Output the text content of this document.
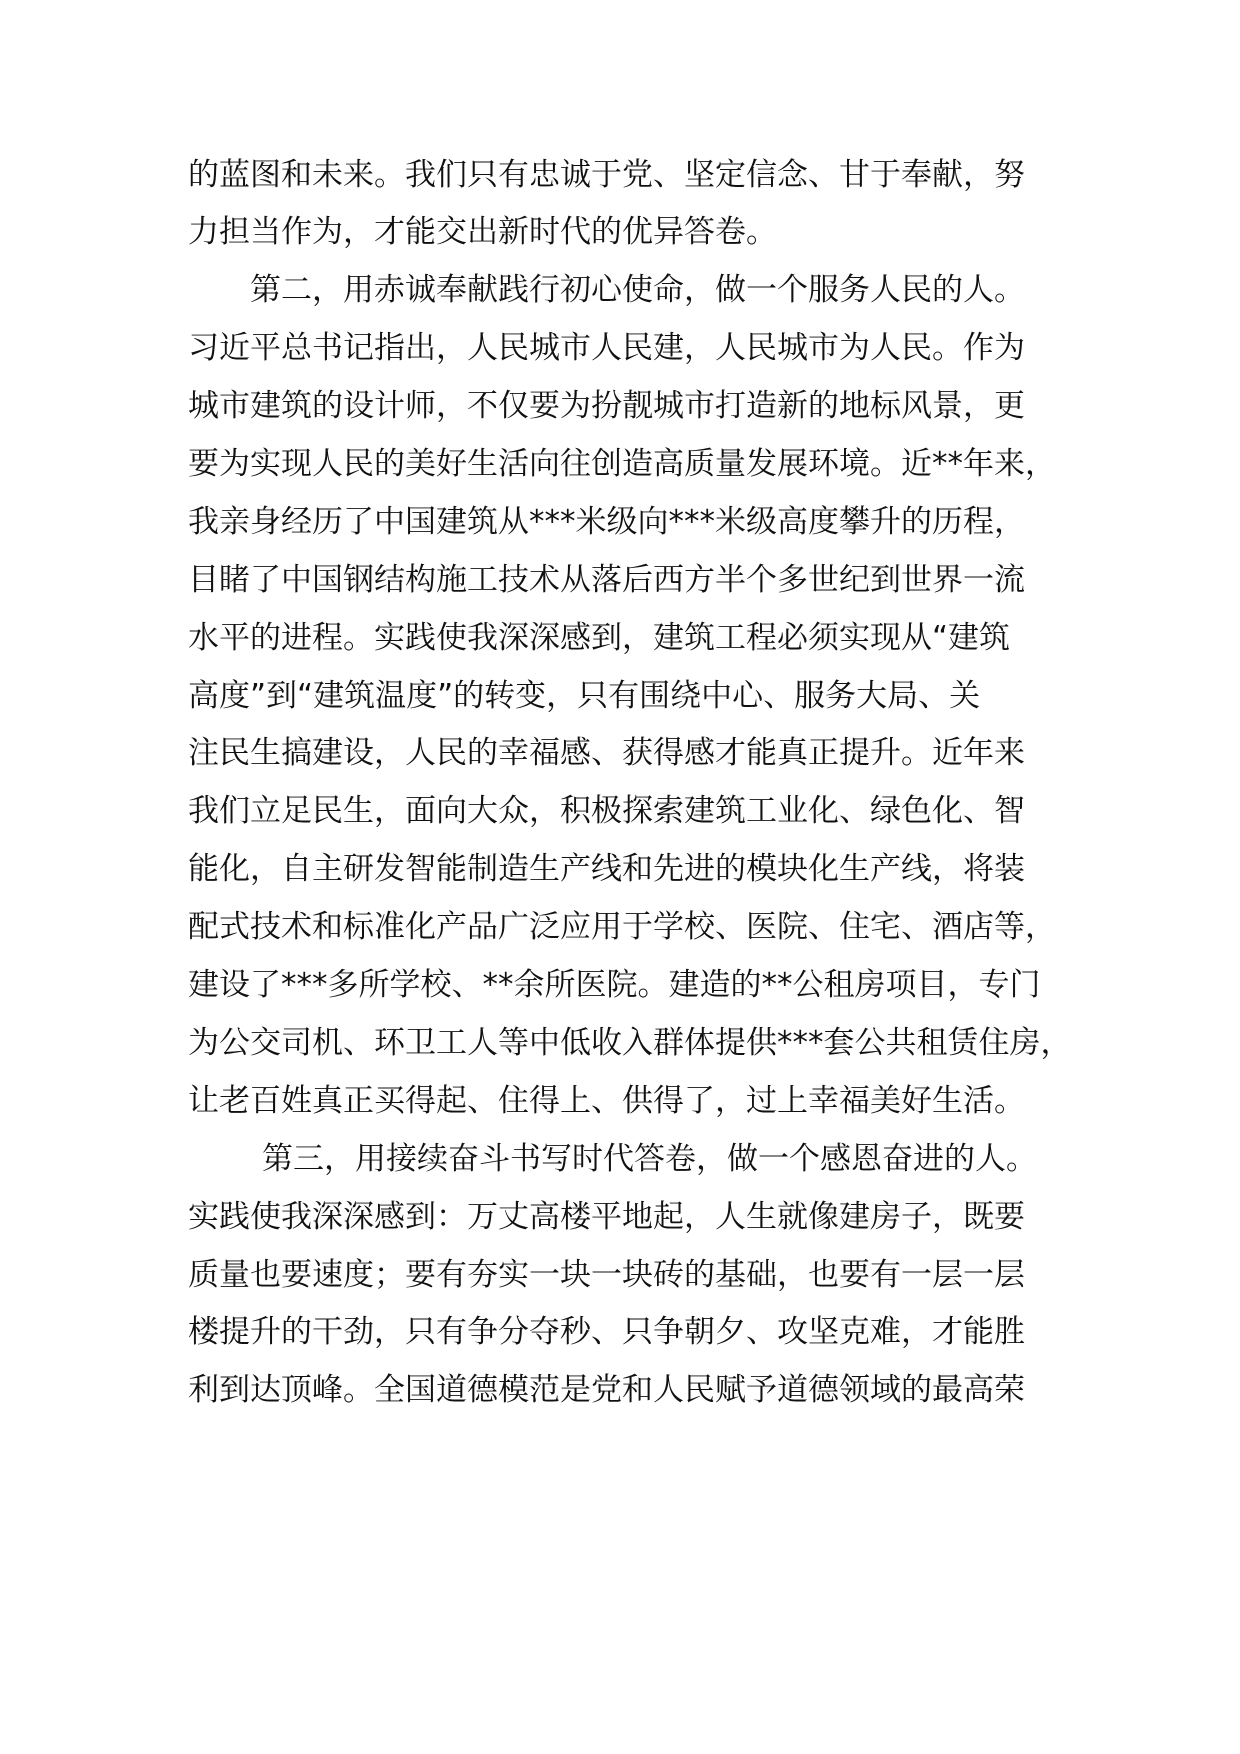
的蓝图和未来。我们只有忠诚于党、坚定信念、甘于奉献，努
力担当作为，才能交出新时代的优异答卷。
第二，用赤诚奉献践行初心使命，做一个服务人民的人。
习近平总书记指出，人民城市人民建，人民城市为人民。作为
城市建筑的设计师，不仅要为扮靓城市打造新的地标风景，更
要为实现人民的美好生活向往创造高质量发展环境。近**年来，
我亲身经历了中国建筑从***米级向***米级高度攀升的历程，
目睹了中国钢结构施工技术从落后西方半个多世纪到世界一流
水平的进程。实践使我深深感到，建筑工程必须实现从“建筑
高度”到“建筑温度”的转变，只有围绕中心、服务大局、关
注民生搞建设，人民的幸福感、获得感才能真正提升。近年来
我们立足民生，面向大众，积极探索建筑工业化、绿色化、智
能化，自主研发智能制造生产线和先进的模块化生产线，将装
配式技术和标准化产品广泛应用于学校、医院、住宅、酒店等，
建设了***多所学校、**余所医院。建造的**公租房项目，专门
为公交司机、环卫工人等中低收入群体提供***套公共租赁住房，
让老百姓真正买得起、住得上、供得了，过上幸福美好生活。
第三，用接续奋斗书写时代答卷，做一个感恩奋进的人。
实践使我深深感到：万丈高楼平地起，人生就像建房子，既要
质量也要速度；要有夯实一块一块砖的基础，也要有一层一层
楼提升的干劲，只有争分夺秒、只争朝夕、攻坚克难，才能胜
利到达顶峰。全国道德模范是党和人民赋予道德领域的最高荣
